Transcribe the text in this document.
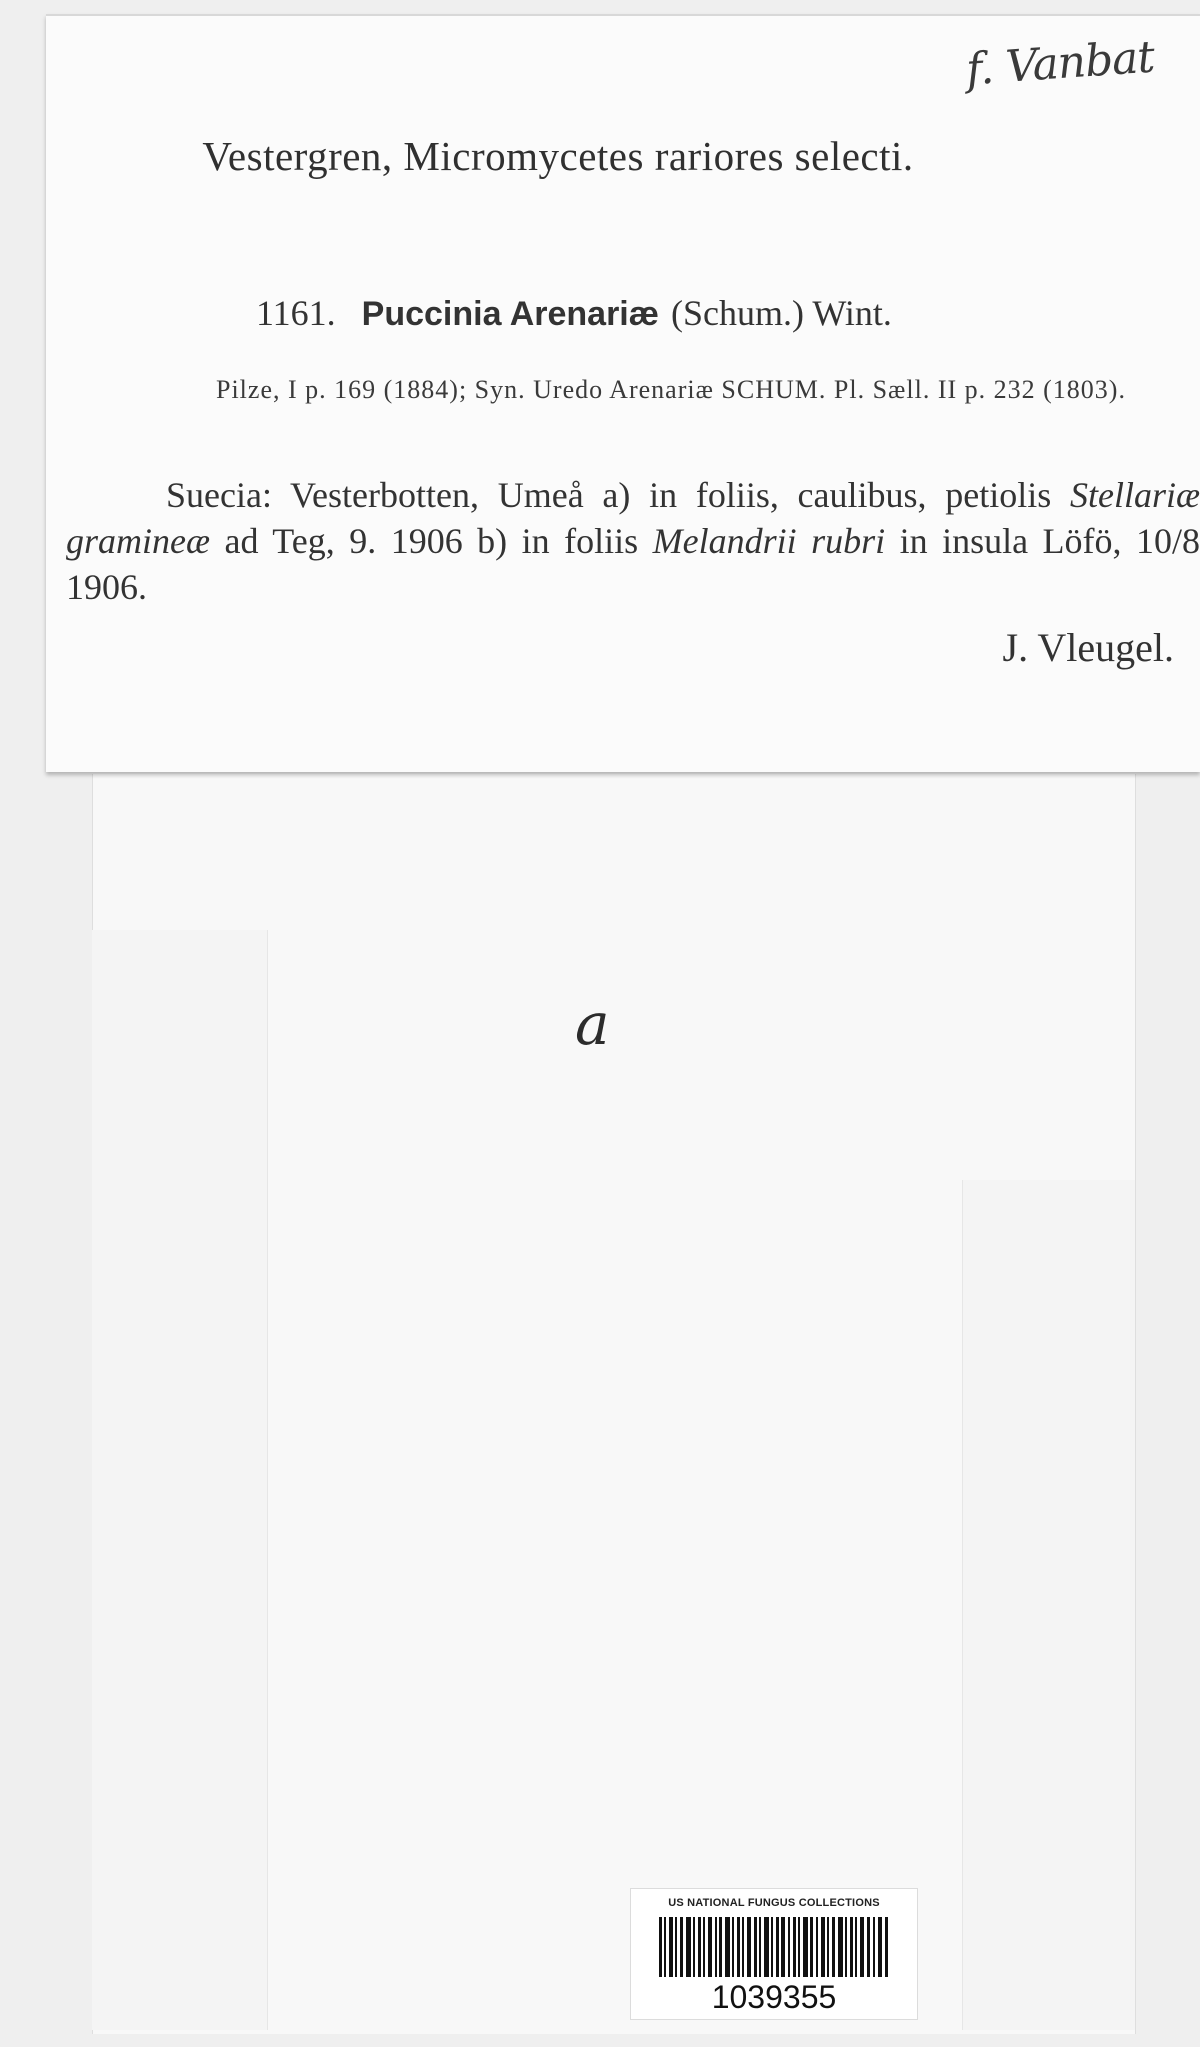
a
f. Vanbat
Vestergren, Micromycetes rariores selecti.
1161. Puccinia Arenariæ (Schum.) Wint.
Pilze, I p. 169 (1884); Syn. Uredo Arenariæ SCHUM. Pl. Sæll. II p. 232 (1803).
Suecia: Vesterbotten, Umeå a) in foliis, caulibus, petiolis Stellariæ gramineæ ad Teg, 9. 1906 b) in foliis Melandrii rubri in insula Löfö, 10/8 1906.
J. Vleugel.
US NATIONAL FUNGUS COLLECTIONS
1039355
